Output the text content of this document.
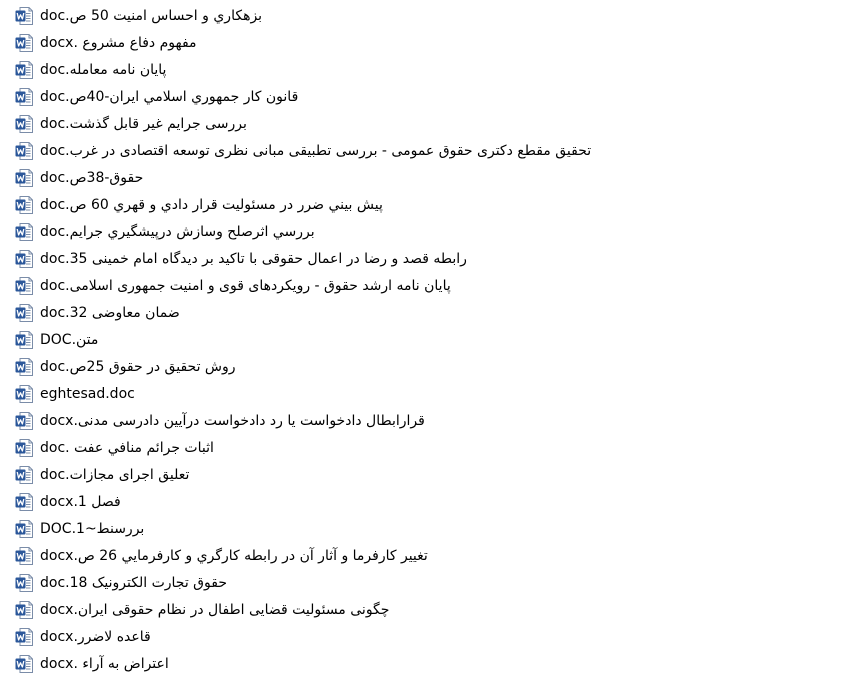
بزهكاري و احساس امنيت 50 ص.doc
مفهوم دفاع مشروع .docx
پایان نامه معامله.doc
قانون كار جمهوري اسلامي ايران-40ص.doc
بررسی جرایم غیر قابل گذشت.doc
تحقیق مقطع دکتری حقوق عمومی - بررسی تطبیقی مبانی نظری توسعه اقتصادی در غرب.doc
حقوق-38ص.doc
پيش بيني ضرر در مسئوليت قرار دادي و قهري 60 ص.doc
بررسي اثرصلح وسازش درپيشگيري جرايم.doc
رابطه قصد و رضا در اعمال حقوقی با تاکید بر دیدگاه امام خمینی 35.doc
پایان نامه ارشد حقوق - رویکردهای قوی و امنیت جمهوری اسلامی.doc
ضمان معاوضی 32.doc
متن.DOC
روش تحقيق در حقوق 25ص.doc
eghtesad.doc
قرارابطال دادخواست یا رد دادخواست درآیین دادرسی مدنی.docx
اثبات جرائم منافي عفت .doc
تعلیق اجرای مجازات.doc
فصل 1.docx
بررسنط~1.DOC
تغيير كارفرما و آثار آن در رابطه كارگري و كارفرمايي 26 ص.docx
حقوق تجارت الکترونیک 18.doc
چگونی مسئولیت قضایی اطفال در نظام حقوقی ایران.docx
قاعده لاضرر.docx
اعتراض به آراء .docx
